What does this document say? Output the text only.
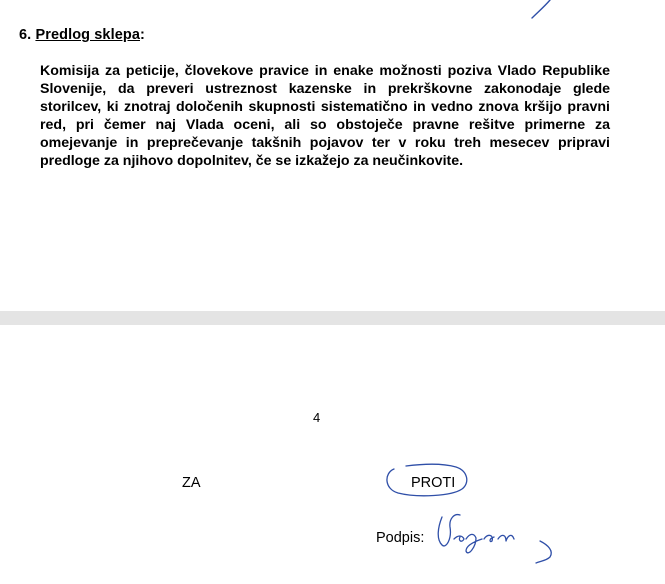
6. Predlog sklepa:
Komisija za peticije, človekove pravice in enake možnosti poziva Vlado Republike Slovenije, da preveri ustreznost kazenske in prekrškovne zakonodaje glede storilcev, ki znotraj določenih skupnosti sistematično in vedno znova kršijo pravni red, pri čemer naj Vlada oceni, ali so obstoječe pravne rešitve primerne za omejevanje in preprečevanje takšnih pojavov ter v roku treh mesecev pripravi predloge za njihovo dopolnitev, če se izkažejo za neučinkovite.
4
ZA	PROTI
Podpis:
